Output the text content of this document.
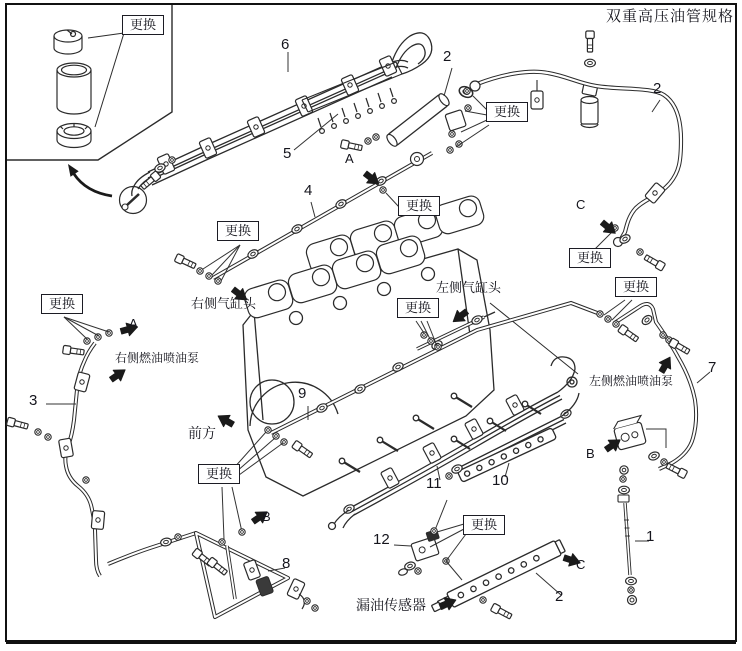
双重高压油管规格
更换
更换
更换
更换
更换
更换
更换
更换
更换
更换
6
2
2
5
4
3	9
7
8
11	10
12
2
1
A
A
B
B
C
C
右侧气缸头
左侧气缸头
右侧燃油喷油泵
左侧燃油喷油泵
前方
漏油传感器
